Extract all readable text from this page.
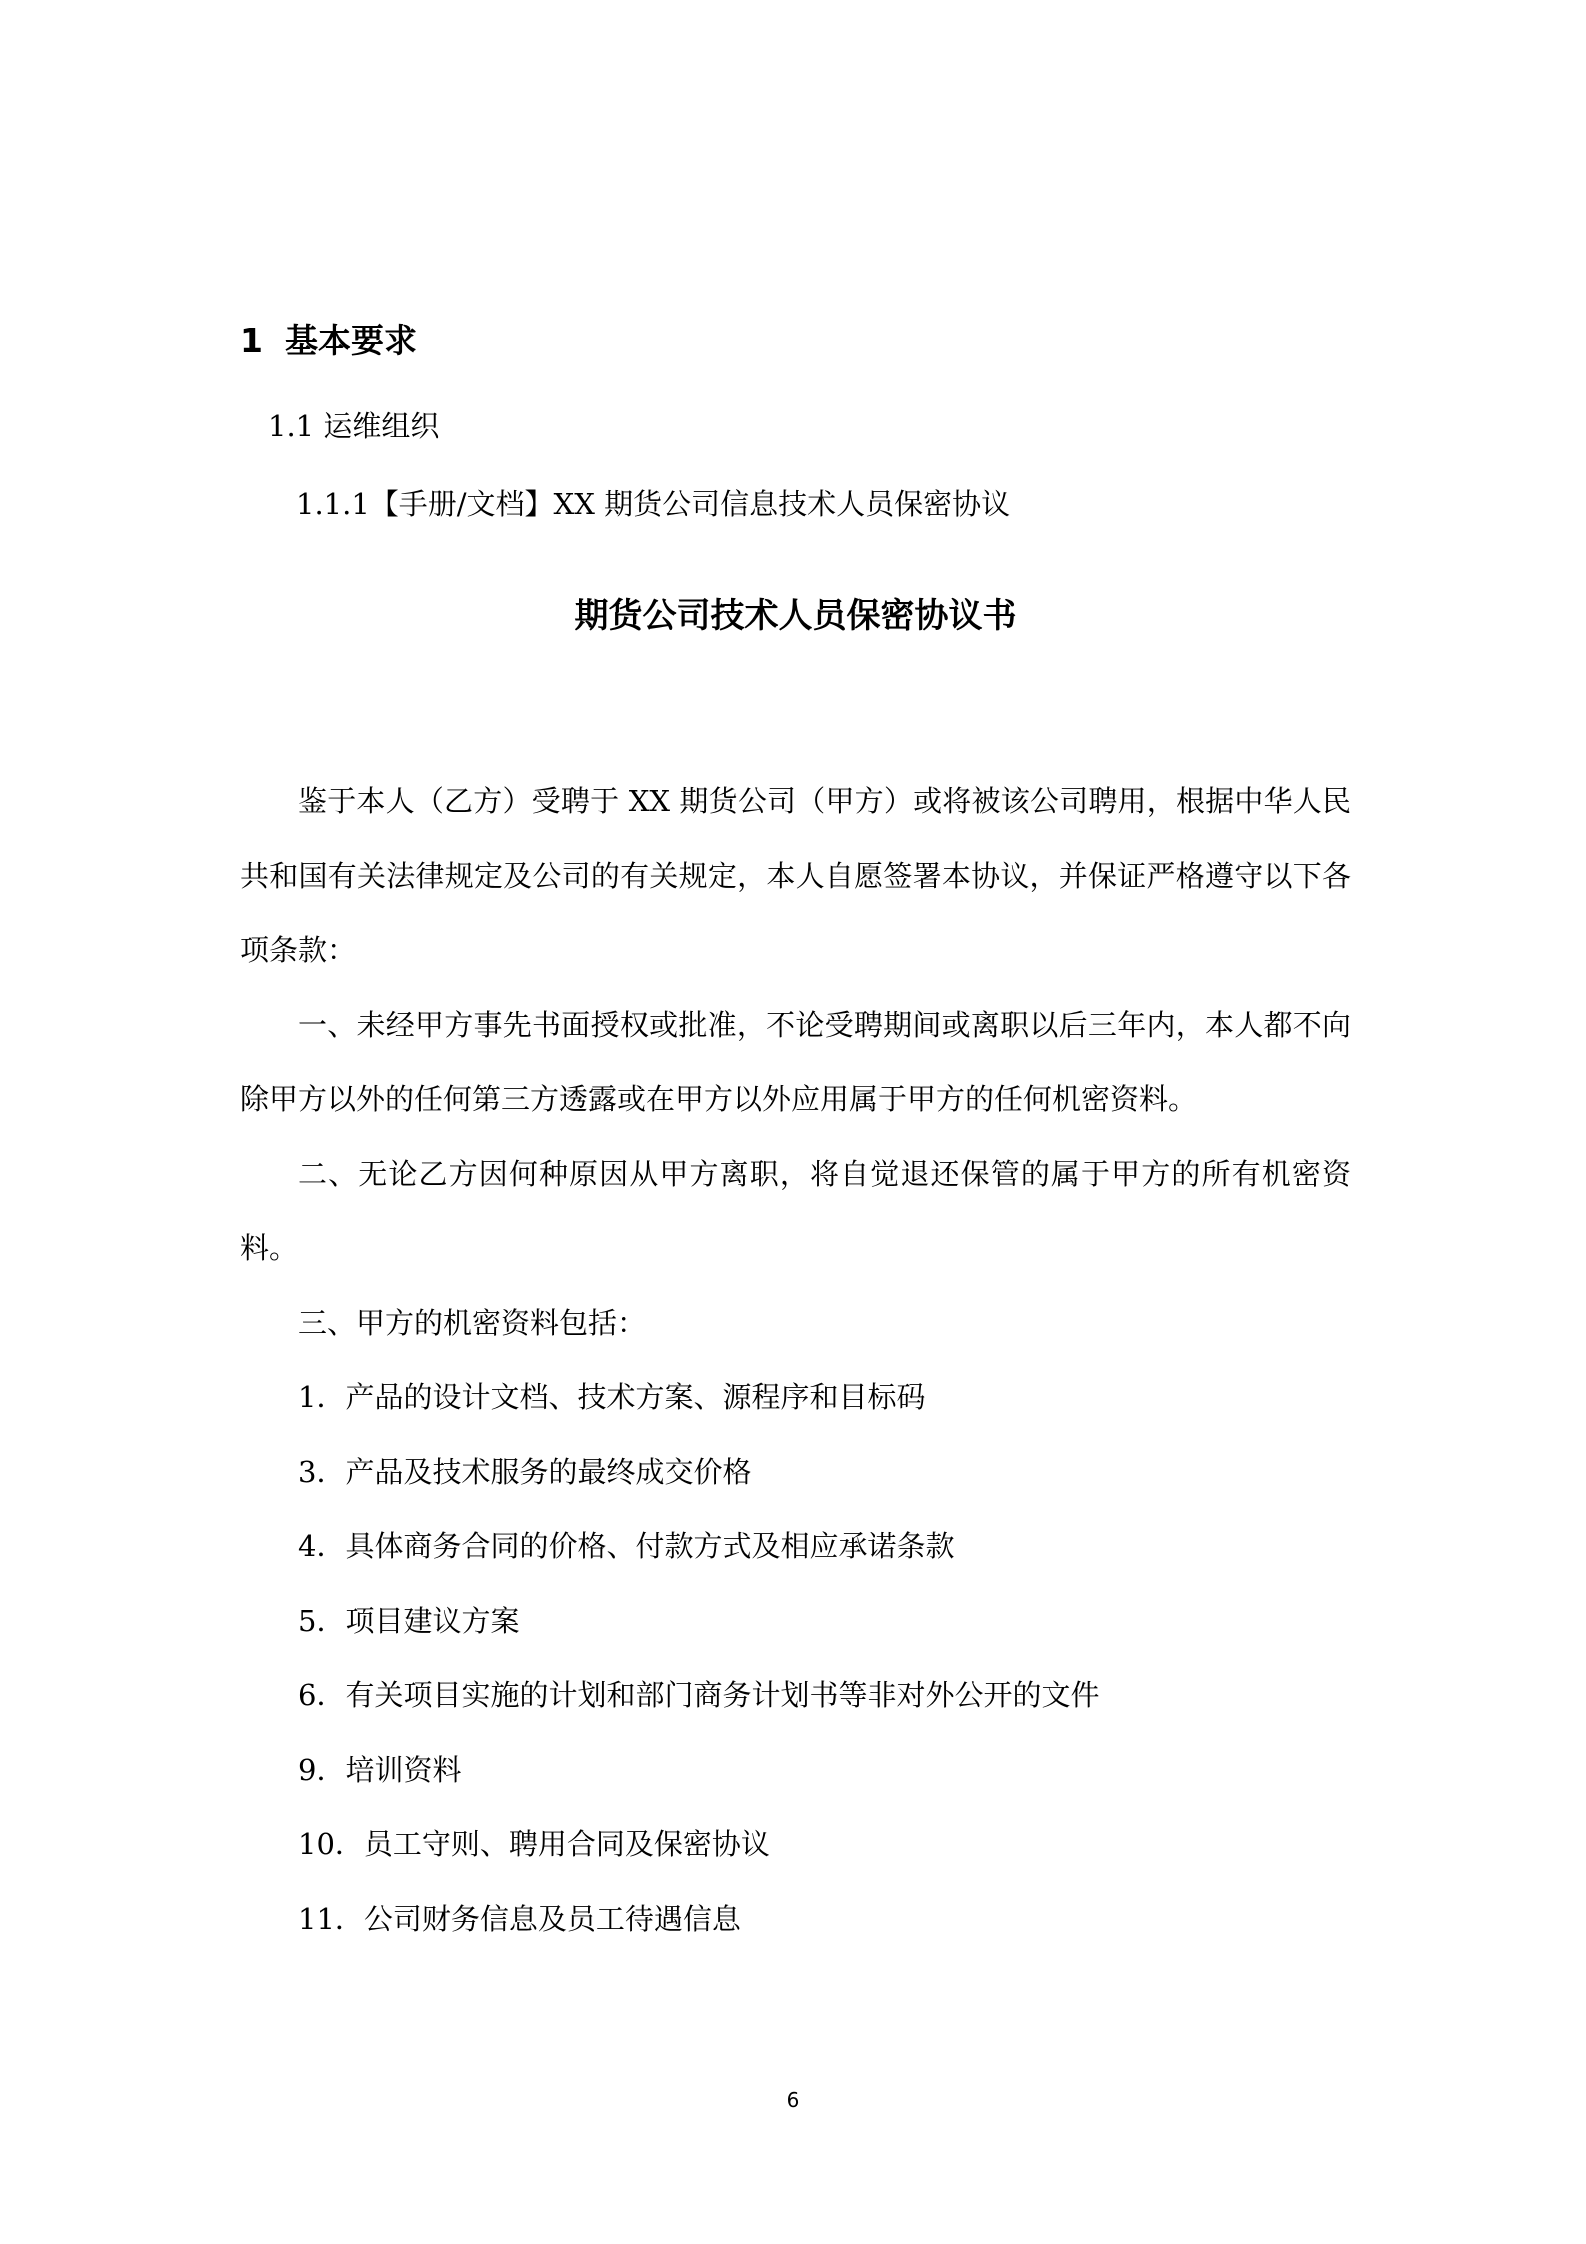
1 基本要求
1.1 运维组织
1.1.1【手册/文档】XX 期货公司信息技术人员保密协议
期货公司技术人员保密协议书

鉴于本人（乙方）受聘于 XX 期货公司（甲方）或将被该公司聘用，根据中华人民共和国有关法律规定及公司的有关规定，本人自愿签署本协议，并保证严格遵守以下各项条款：

一、未经甲方事先书面授权或批准，不论受聘期间或离职以后三年内，本人都不向除甲方以外的任何第三方透露或在甲方以外应用属于甲方的任何机密资料。

二、无论乙方因何种原因从甲方离职，将自觉退还保管的属于甲方的所有机密资料。

三、甲方的机密资料包括：

1．产品的设计文档、技术方案、源程序和目标码

3．产品及技术服务的最终成交价格

4．具体商务合同的价格、付款方式及相应承诺条款

5．项目建议方案

6．有关项目实施的计划和部门商务计划书等非对外公开的文件

9．培训资料

10．员工守则、聘用合同及保密协议

11．公司财务信息及员工待遇信息

6
